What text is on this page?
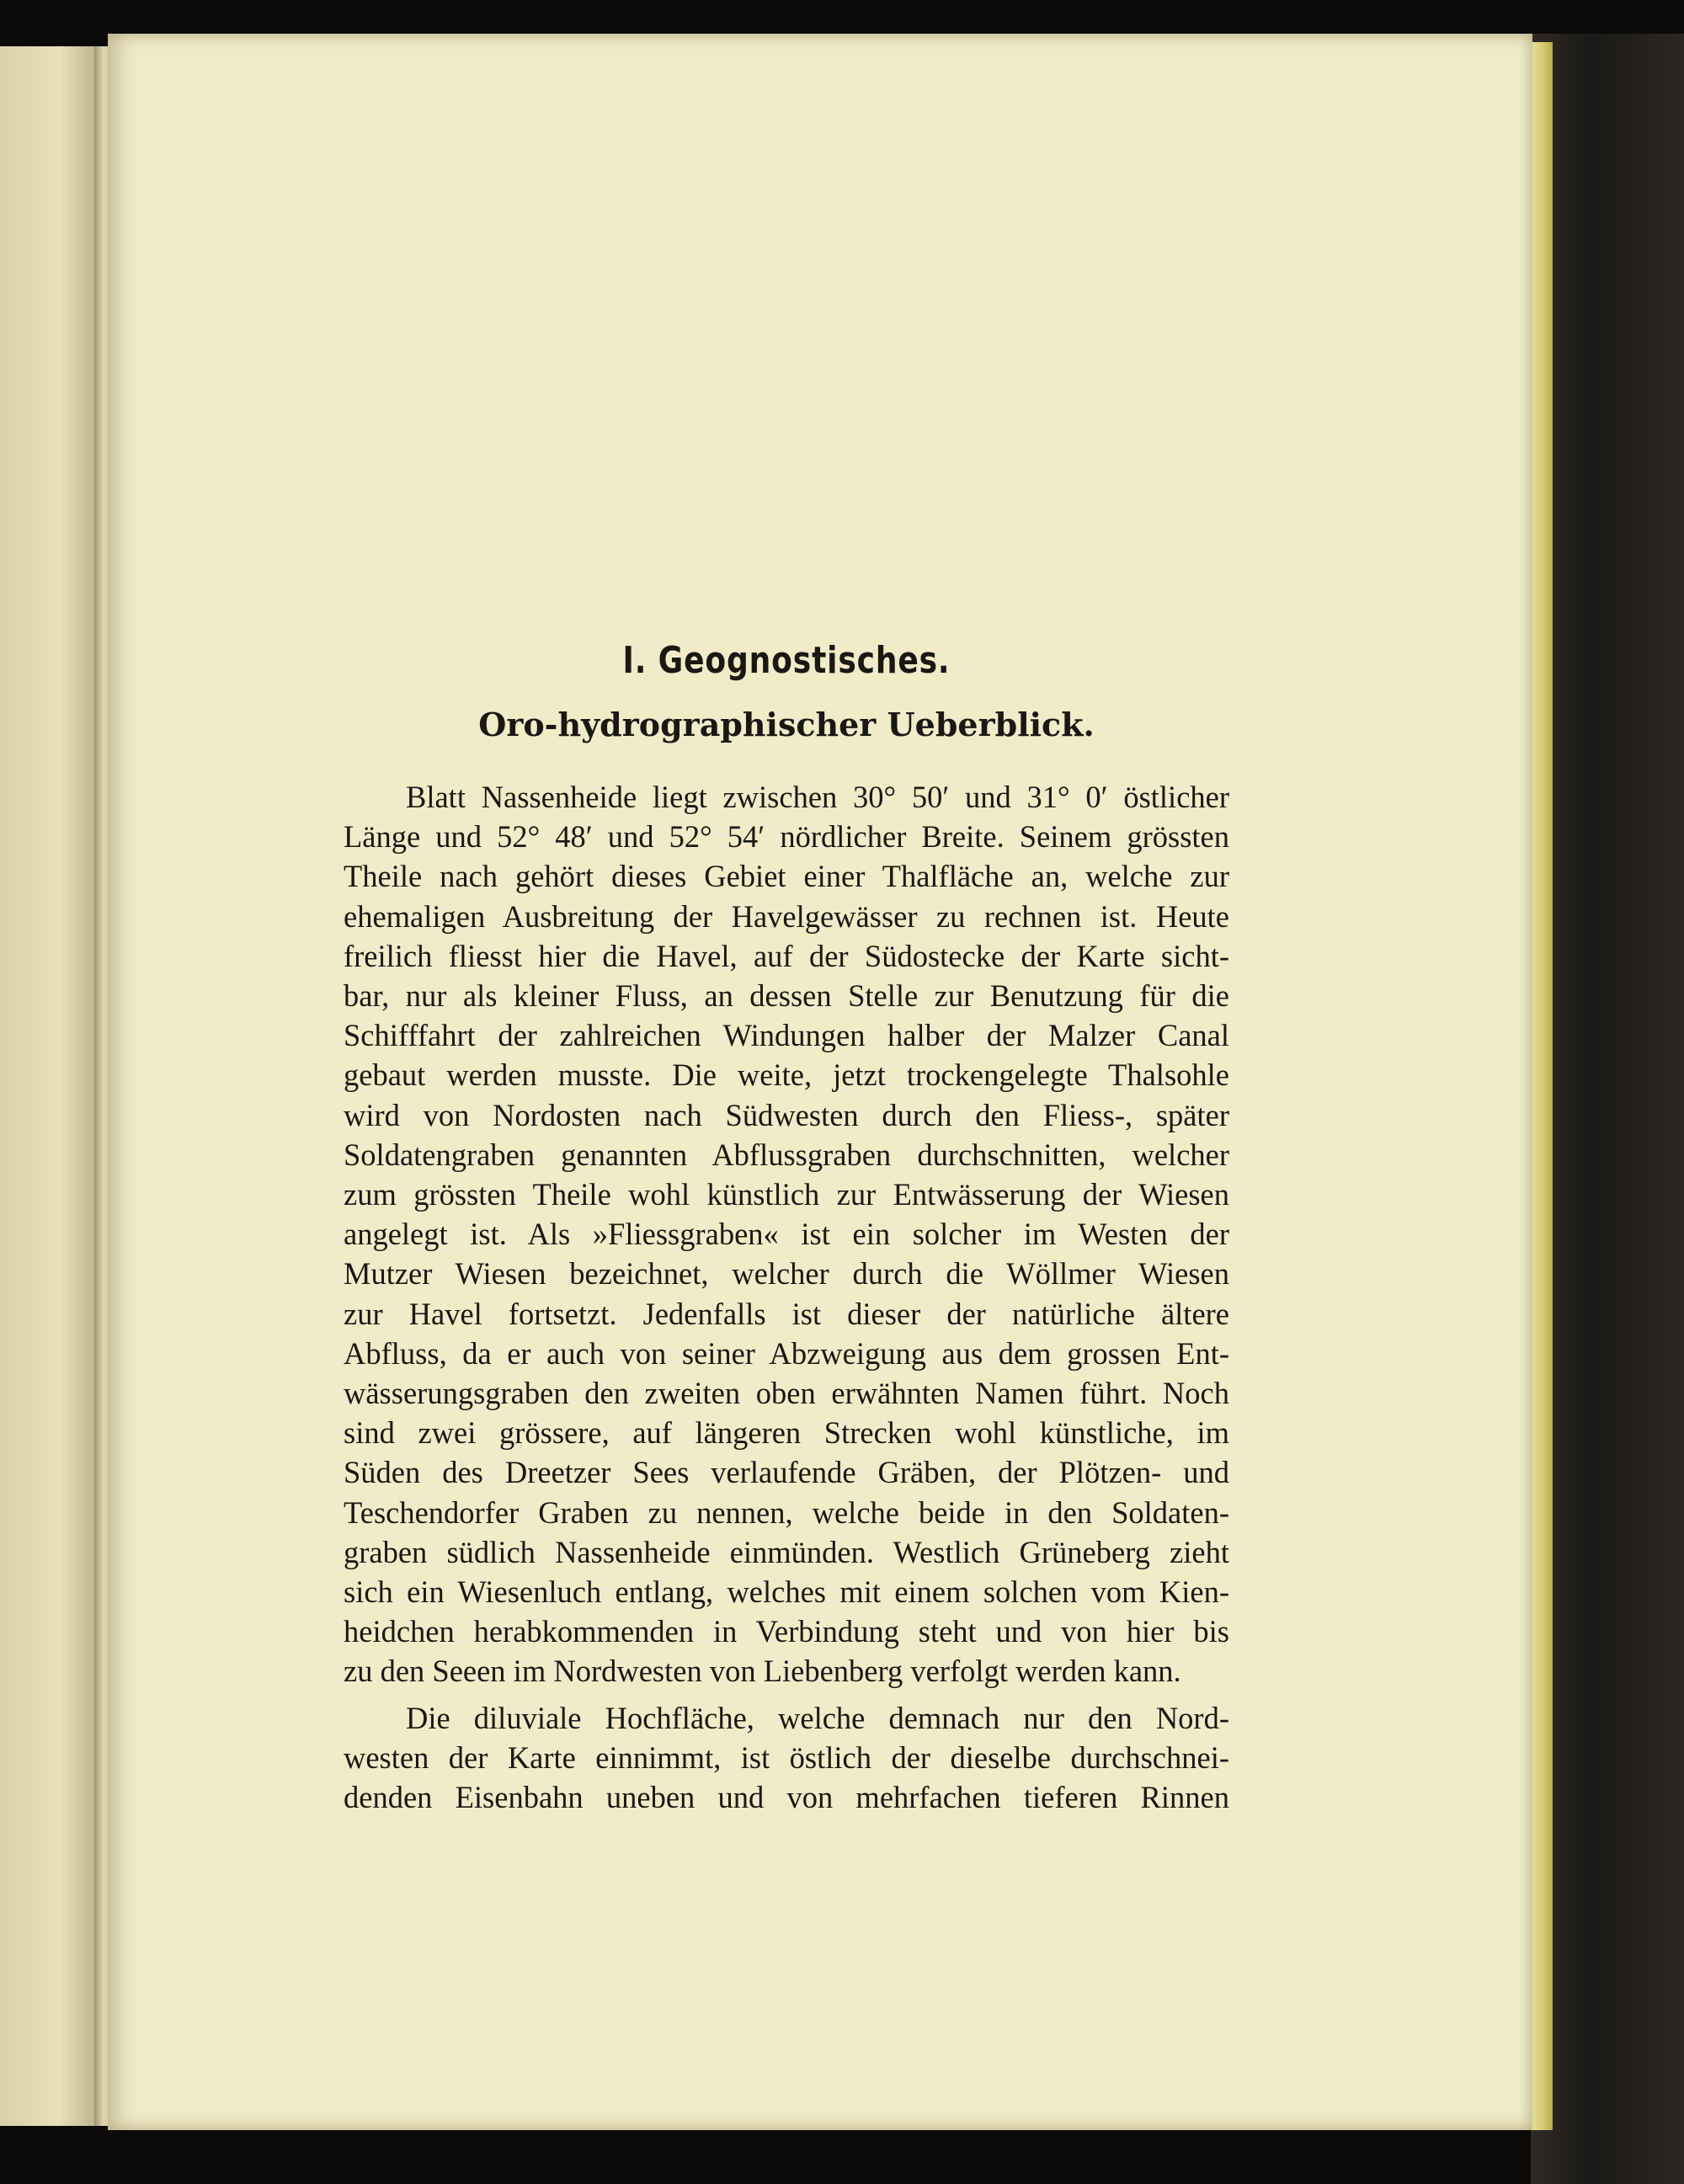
I. Geognostisches.
Oro-hydrographischer Ueberblick.

Blatt Nassenheide liegt zwischen 30° 50′ und 31° 0′ östlicher
Länge und 52° 48′ und 52° 54′ nördlicher Breite. Seinem grössten
Theile nach gehört dieses Gebiet einer Thalfläche an, welche zur
ehemaligen Ausbreitung der Havelgewässer zu rechnen ist. Heute
freilich fliesst hier die Havel, auf der Südostecke der Karte sicht-
bar, nur als kleiner Fluss, an dessen Stelle zur Benutzung für die
Schifffahrt der zahlreichen Windungen halber der Malzer Canal
gebaut werden musste. Die weite, jetzt trockengelegte Thalsohle
wird von Nordosten nach Südwesten durch den Fliess-, später
Soldatengraben genannten Abflussgraben durchschnitten, welcher
zum grössten Theile wohl künstlich zur Entwässerung der Wiesen
angelegt ist. Als »Fliessgraben« ist ein solcher im Westen der
Mutzer Wiesen bezeichnet, welcher durch die Wöllmer Wiesen
zur Havel fortsetzt. Jedenfalls ist dieser der natürliche ältere
Abfluss, da er auch von seiner Abzweigung aus dem grossen Ent-
wässerungsgraben den zweiten oben erwähnten Namen führt. Noch
sind zwei grössere, auf längeren Strecken wohl künstliche, im
Süden des Dreetzer Sees verlaufende Gräben, der Plötzen- und
Teschendorfer Graben zu nennen, welche beide in den Soldaten-
graben südlich Nassenheide einmünden. Westlich Grüneberg zieht
sich ein Wiesenluch entlang, welches mit einem solchen vom Kien-
heidchen herabkommenden in Verbindung steht und von hier bis
zu den Seeen im Nordwesten von Liebenberg verfolgt werden kann.

Die diluviale Hochfläche, welche demnach nur den Nord-
westen der Karte einnimmt, ist östlich der dieselbe durchschnei-
denden Eisenbahn uneben und von mehrfachen tieferen Rinnen
